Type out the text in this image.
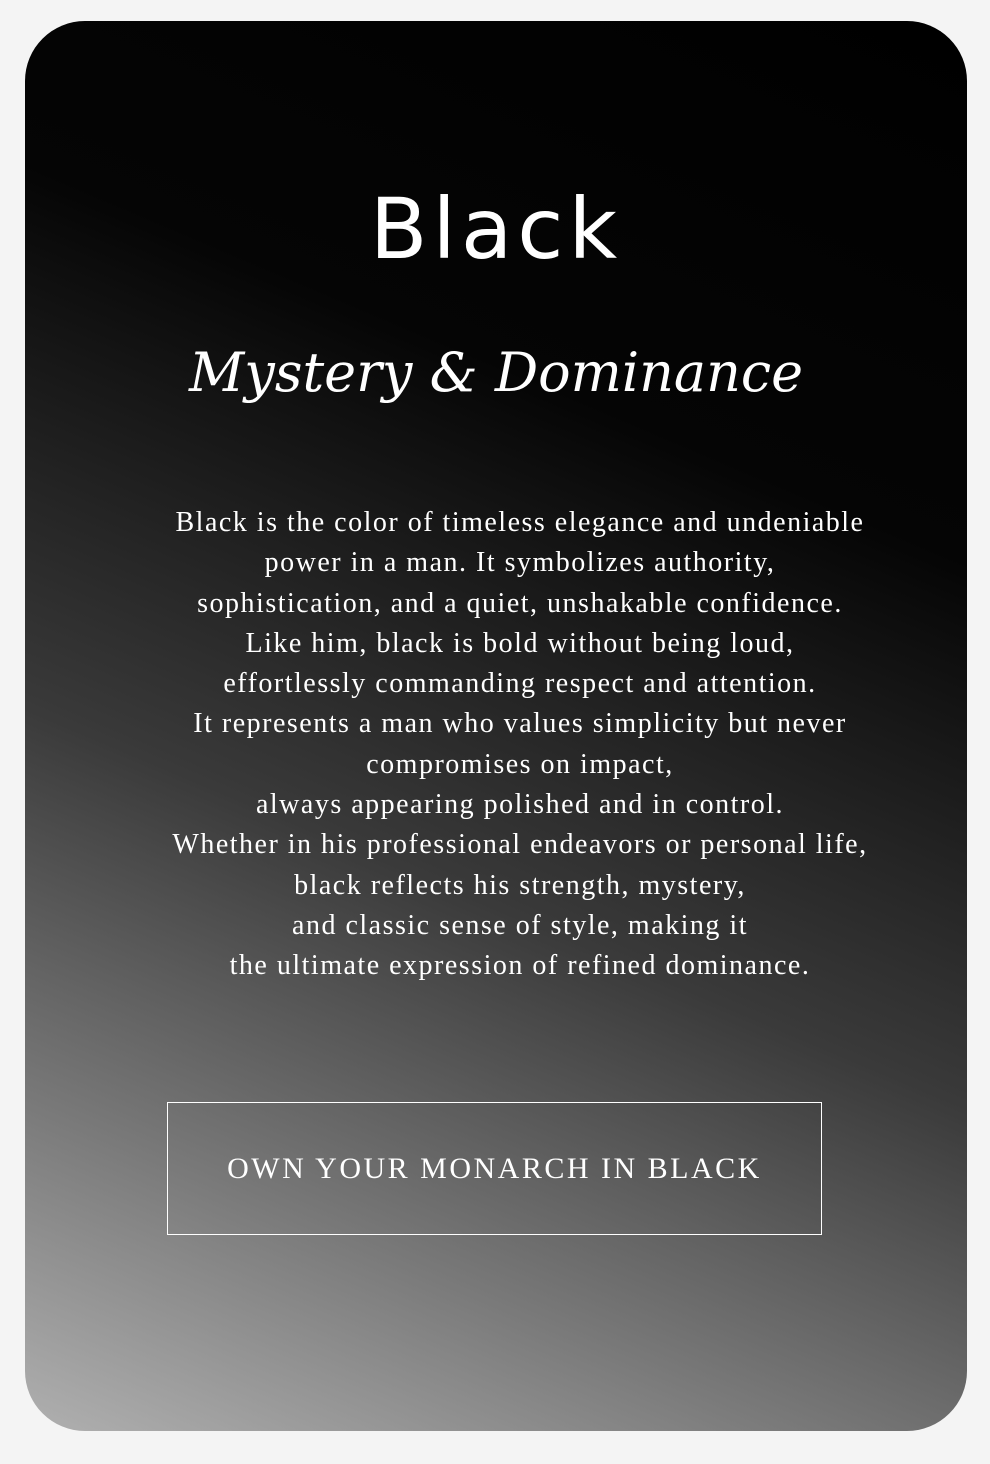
Black
Mystery & Dominance
Black is the color of timeless elegance and undeniable
power in a man. It symbolizes authority,
sophistication, and a quiet, unshakable confidence.
Like him, black is bold without being loud,
effortlessly commanding respect and attention.
It represents a man who values simplicity but never
compromises on impact,
always appearing polished and in control.
Whether in his professional endeavors or personal life,
black reflects his strength, mystery,
and classic sense of style, making it
the ultimate expression of refined dominance.
OWN YOUR MONARCH IN BLACK
